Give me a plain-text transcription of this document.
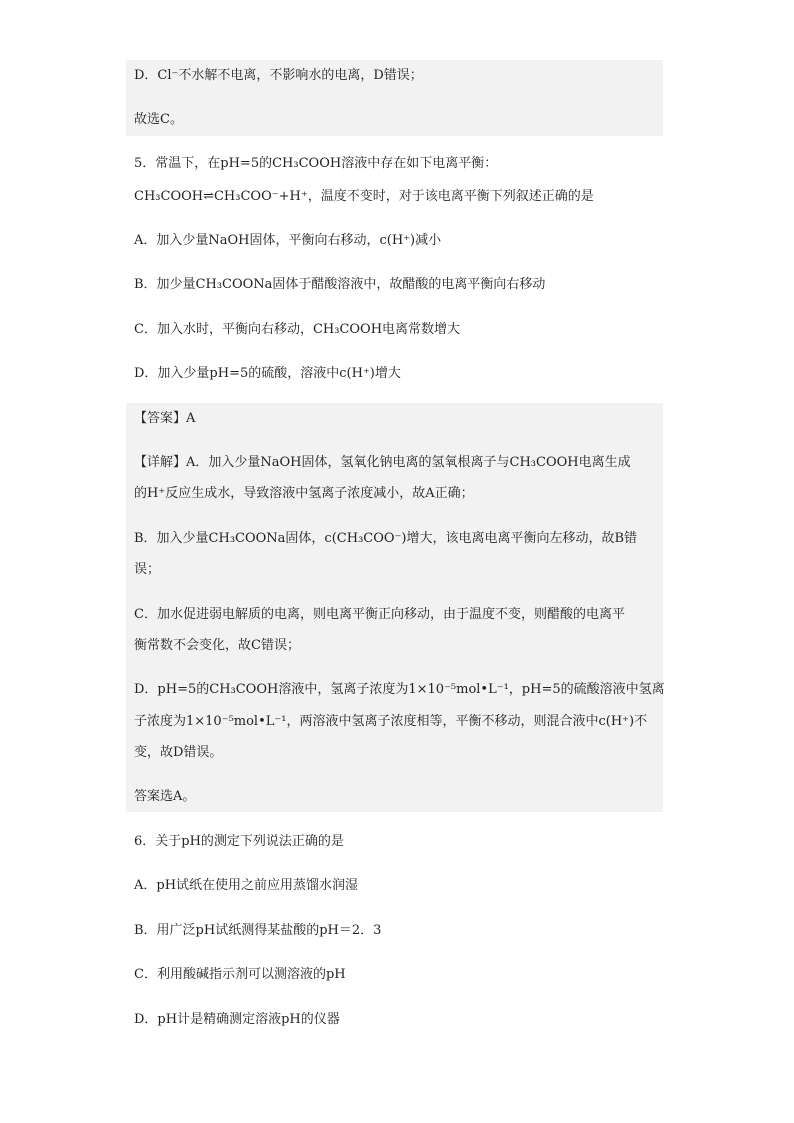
D．Cl⁻不水解不电离，不影响水的电离，D错误；
故选C。
5．常温下，在pH=5的CH₃COOH溶液中存在如下电离平衡：
CH₃COOH⇌CH₃COO⁻+H⁺，温度不变时，对于该电离平衡下列叙述正确的是
A．加入少量NaOH固体，平衡向右移动，c(H⁺)减小
B．加少量CH₃COONa固体于醋酸溶液中，故醋酸的电离平衡向右移动
C．加入水时，平衡向右移动，CH₃COOH电离常数增大
D．加入少量pH=5的硫酸，溶液中c(H⁺)增大
【答案】A
【详解】A．加入少量NaOH固体，氢氧化钠电离的氢氧根离子与CH₃COOH电离生成
的H⁺反应生成水，导致溶液中氢离子浓度减小，故A正确；
B．加入少量CH₃COONa固体，c(CH₃COO⁻)增大，该电离电离平衡向左移动，故B错
误；
C．加水促进弱电解质的电离，则电离平衡正向移动，由于温度不变，则醋酸的电离平
衡常数不会变化，故C错误；
D．pH=5的CH₃COOH溶液中，氢离子浓度为1×10⁻⁵mol•L⁻¹，pH=5的硫酸溶液中氢离
子浓度为1×10⁻⁵mol•L⁻¹，两溶液中氢离子浓度相等，平衡不移动，则混合液中c(H⁺)不
变，故D错误。
答案选A。
6．关于pH的测定下列说法正确的是
A．pH试纸在使用之前应用蒸馏水润湿
B．用广泛pH试纸测得某盐酸的pH＝2．3
C．利用酸碱指示剂可以测溶液的pH
D．pH计是精确测定溶液pH的仪器
